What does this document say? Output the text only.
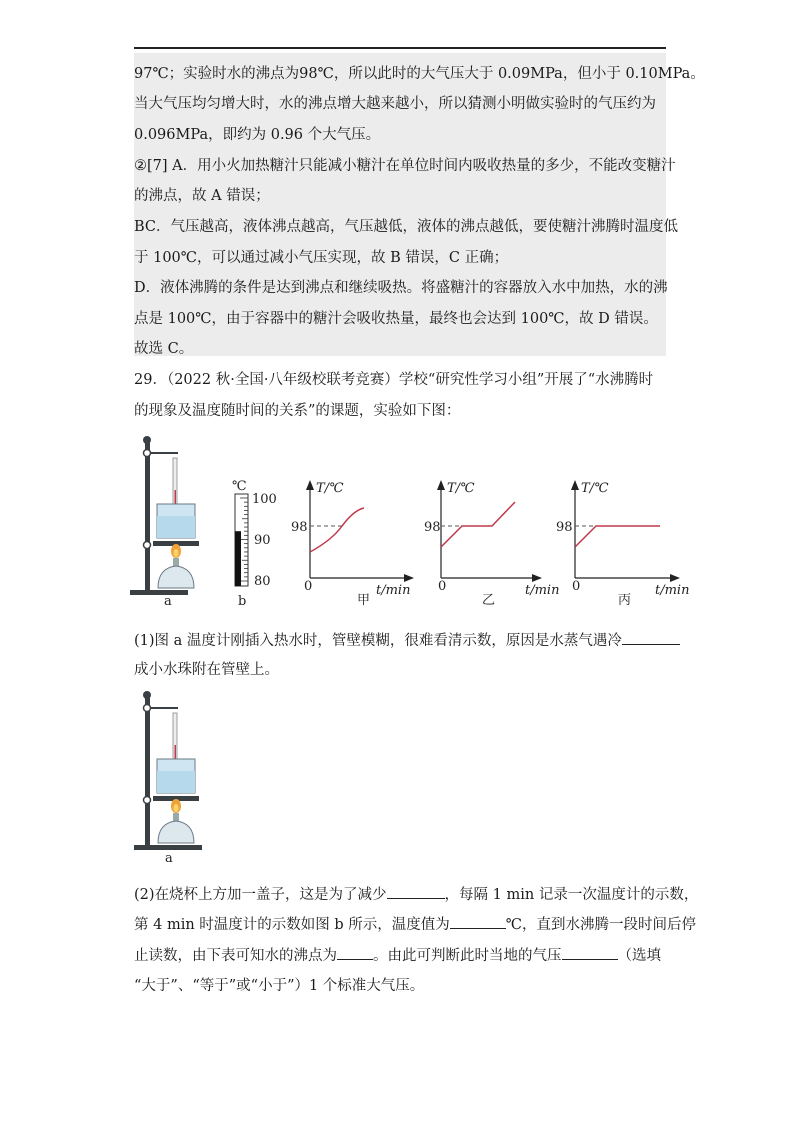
97℃；实验时水的沸点为98℃，所以此时的大气压大于 0.09MPa，但小于 0.10MPa。
当大气压均匀增大时，水的沸点增大越来越小，所以猜测小明做实验时的气压约为
0.096MPa，即约为 0.96 个大气压。
②[7] A．用小火加热糖汁只能减小糖汁在单位时间内吸收热量的多少，不能改变糖汁
的沸点，故 A 错误；
BC．气压越高，液体沸点越高，气压越低，液体的沸点越低，要使糖汁沸腾时温度低
于 100℃，可以通过减小气压实现，故 B 错误，C 正确；
D．液体沸腾的条件是达到沸点和继续吸热。将盛糖汁的容器放入水中加热，水的沸
点是 100℃，由于容器中的糖汁会吸收热量，最终也会达到 100℃，故 D 错误。
故选 C。
29．（2022 秋·全国·八年级校联考竞赛）学校“研究性学习小组”开展了“水沸腾时
的现象及温度随时间的关系”的课题，实验如下图：
a
℃
100
90
80
b
T/℃
t/min
0
98
甲
T/℃
t/min
0
98
乙
T/℃
t/min
0
98
丙
(1)图 a 温度计刚插入热水时，管壁模糊，很难看清示数，原因是水蒸气遇冷
成小水珠附在管壁上。
a
(2)在烧杯上方加一盖子，这是为了减少	，每隔 1 min 记录一次温度计的示数，
第 4 min 时温度计的示数如图 b 所示，温度值为	℃，直到水沸腾一段时间后停
止读数，由下表可知水的沸点为 。由此可判断此时当地的气压	（选填
“大于”、“等于”或“小于”）1 个标准大气压。
